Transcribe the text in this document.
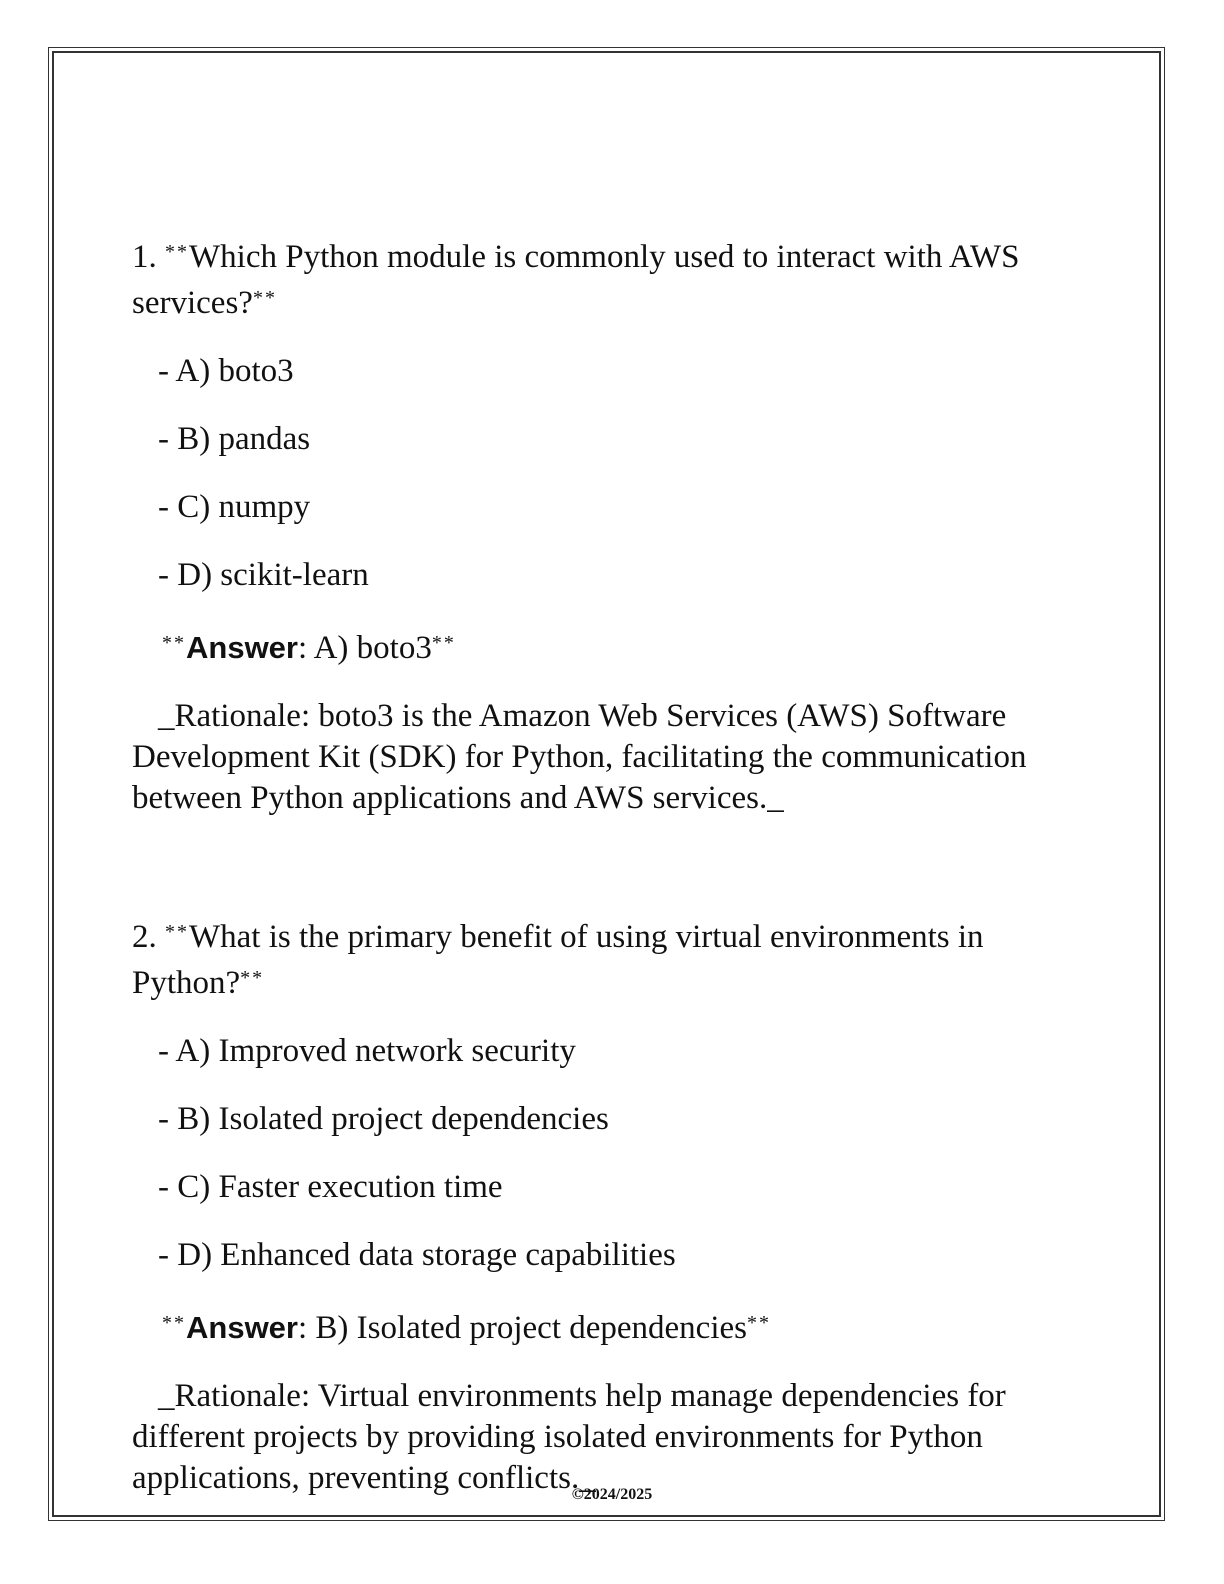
1. **Which Python module is commonly used to interact with AWS services?**

- A) boto3

- B) pandas

- C) numpy

- D) scikit-learn

**Answer: A) boto3**

_Rationale: boto3 is the Amazon Web Services (AWS) Software Development Kit (SDK) for Python, facilitating the communication between Python applications and AWS services._

2. **What is the primary benefit of using virtual environments in Python?**

- A) Improved network security

- B) Isolated project dependencies

- C) Faster execution time

- D) Enhanced data storage capabilities

**Answer: B) Isolated project dependencies**

_Rationale: Virtual environments help manage dependencies for different projects by providing isolated environments for Python applications, preventing conflicts._

©2024/2025
